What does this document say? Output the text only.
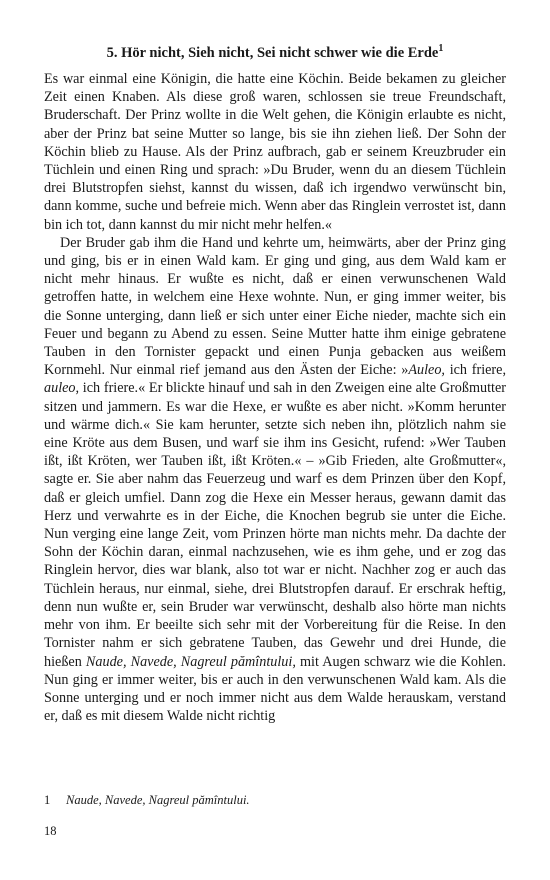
5. Hör nicht, Sieh nicht, Sei nicht schwer wie die Erde$^1$

Es war einmal eine Königin, die hatte eine Köchin. Beide bekamen zu gleicher Zeit einen Knaben. Als diese groß waren, schlossen sie treue Freundschaft, Bruderschaft. Der Prinz wollte in die Welt gehen, die Königin erlaubte es nicht, aber der Prinz bat seine Mutter so lange, bis sie ihn ziehen ließ. Der Sohn der Köchin blieb zu Hause. Als der Prinz aufbrach, gab er seinem Kreuzbruder ein Tüchlein und einen Ring und sprach: »Du Bruder, wenn du an diesem Tüchlein drei Blutstropfen siehst, kannst du wissen, daß ich irgendwo verwünscht bin, dann komme, suche und befreie mich. Wenn aber das Ringlein verrostet ist, dann bin ich tot, dann kannst du mir nicht mehr helfen.«

Der Bruder gab ihm die Hand und kehrte um, heimwärts, aber der Prinz ging und ging, bis er in einen Wald kam. Er ging und ging, aus dem Wald kam er nicht mehr hinaus. Er wußte es nicht, daß er einen verwunschenen Wald getroffen hatte, in welchem eine Hexe wohnte. Nun, er ging immer weiter, bis die Sonne unterging, dann ließ er sich unter einer Eiche nieder, machte sich ein Feuer und begann zu Abend zu essen. Seine Mutter hatte ihm einige gebratene Tauben in den Tornister gepackt und einen Punja gebacken aus weißem Kornmehl. Nur einmal rief jemand aus den Ästen der Eiche: »Auleo, ich friere, auleo, ich friere.« Er blickte hinauf und sah in den Zweigen eine alte Großmutter sitzen und jammern. Es war die Hexe, er wußte es aber nicht. »Komm herunter und wärme dich.« Sie kam herunter, setzte sich neben ihn, plötzlich nahm sie eine Kröte aus dem Busen, und warf sie ihm ins Gesicht, rufend: »Wer Tauben ißt, ißt Kröten, wer Tauben ißt, ißt Kröten.« – »Gib Frieden, alte Großmutter«, sagte er. Sie aber nahm das Feuerzeug und warf es dem Prinzen über den Kopf, daß er gleich umfiel. Dann zog die Hexe ein Messer heraus, gewann damit das Herz und verwahrte es in der Eiche, die Knochen begrub sie unter die Eiche. Nun verging eine lange Zeit, vom Prinzen hörte man nichts mehr. Da dachte der Sohn der Köchin daran, einmal nachzusehen, wie es ihm gehe, und er zog das Ringlein hervor, dies war blank, also tot war er nicht. Nachher zog er auch das Tüchlein heraus, nur einmal, siehe, drei Blutstropfen darauf. Er erschrak heftig, denn nun wußte er, sein Bruder war verwünscht, deshalb also hörte man nichts mehr von ihm. Er beeilte sich sehr mit der Vorbereitung für die Reise. In den Tornister nahm er sich gebratene Tauben, das Gewehr und drei Hunde, die hießen Naude, Navede, Nagreul pămîntului, mit Augen schwarz wie die Kohlen. Nun ging er immer weiter, bis er auch in den verwunschenen Wald kam. Als die Sonne unterging und er noch immer nicht aus dem Walde herauskam, verstand er, daß es mit diesem Walde nicht richtig

1 Naude, Navede, Nagreul pămîntului.
18
